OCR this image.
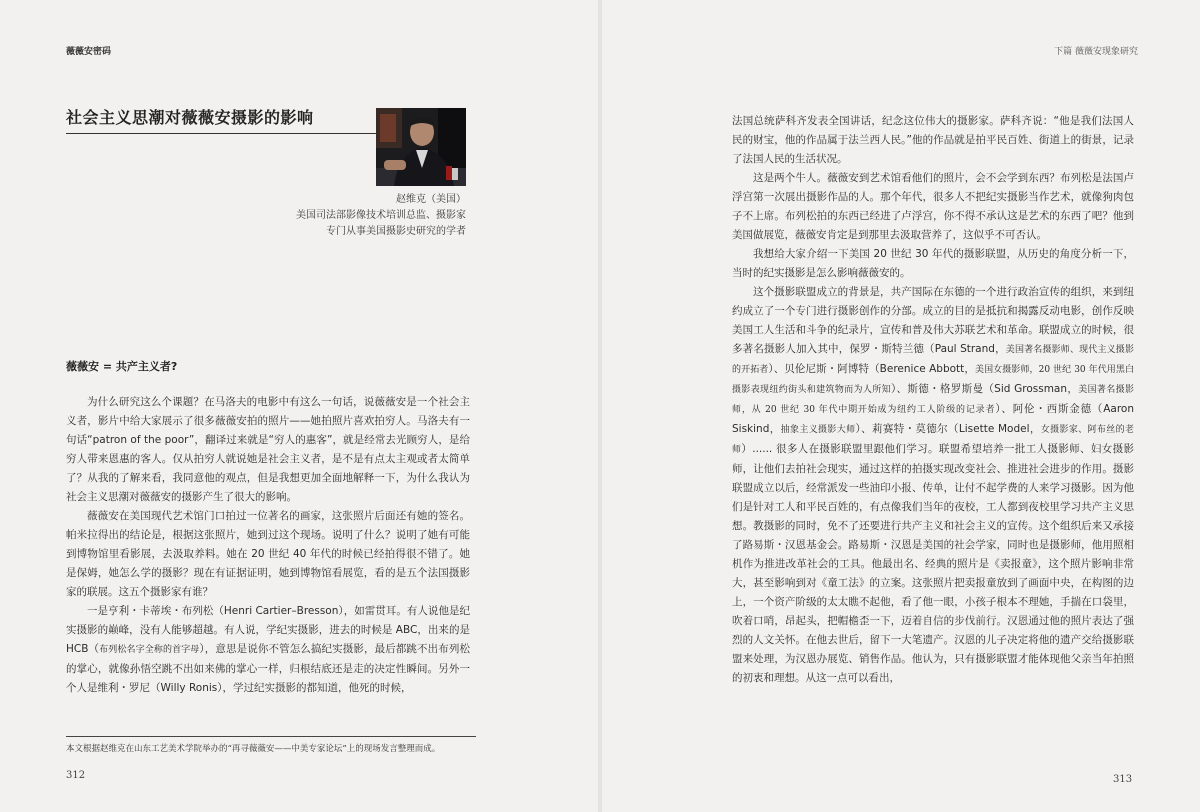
薇薇安密码
社会主义思潮对薇薇安摄影的影响
赵维克（美国）
美国司法部影像技术培训总监、摄影家
专门从事美国摄影史研究的学者
薇薇安 = 共产主义者?

为什么研究这么个课题？在马洛夫的电影中有这么一句话，说薇薇安是一个社会主义者，影片中给大家展示了很多薇薇安拍的照片——她拍照片喜欢拍穷人。马洛夫有一句话“patron of the poor”，翻译过来就是“穷人的惠客”，就是经常去光顾穷人，是给穷人带来恩惠的客人。仅从拍穷人就说她是社会主义者，是不是有点太主观或者太简单了？从我的了解来看，我同意他的观点，但是我想更加全面地解释一下，为什么我认为社会主义思潮对薇薇安的摄影产生了很大的影响。

薇薇安在美国现代艺术馆门口拍过一位著名的画家，这张照片后面还有她的签名。帕米拉得出的结论是，根据这张照片，她到过这个现场。说明了什么？说明了她有可能到博物馆里看影展，去汲取养料。她在 20 世纪 40 年代的时候已经拍得很不错了。她是保姆，她怎么学的摄影？现在有证据证明，她到博物馆看展览，看的是五个法国摄影家的联展。这五个摄影家有谁？

一是亨利・卡蒂埃・布列松（Henri Cartier–Bresson），如雷贯耳。有人说他是纪实摄影的巅峰，没有人能够超越。有人说，学纪实摄影，进去的时候是 ABC，出来的是 HCB（布列松名字全称的首字母），意思是说你不管怎么搞纪实摄影，最后都跳不出布列松的掌心，就像孙悟空跳不出如来佛的掌心一样，归根结底还是走的决定性瞬间。另外一个人是维利・罗尼（Willy Ronis），学过纪实摄影的都知道，他死的时候，

本文根据赵维克在山东工艺美术学院举办的“再寻薇薇安——中美专家论坛”上的现场发言整理而成。
312
下篇 薇薇安现象研究

法国总统萨科齐发表全国讲话，纪念这位伟大的摄影家。萨科齐说：“他是我们法国人民的财宝，他的作品属于法兰西人民。”他的作品就是拍平民百姓、街道上的街景，记录了法国人民的生活状况。

这是两个牛人。薇薇安到艺术馆看他们的照片，会不会学到东西？布列松是法国卢浮宫第一次展出摄影作品的人。那个年代，很多人不把纪实摄影当作艺术，就像狗肉包子不上席。布列松拍的东西已经进了卢浮宫，你不得不承认这是艺术的东西了吧？他到美国做展览，薇薇安肯定是到那里去汲取营养了，这似乎不可否认。

我想给大家介绍一下美国 20 世纪 30 年代的摄影联盟，从历史的角度分析一下，当时的纪实摄影是怎么影响薇薇安的。

这个摄影联盟成立的背景是，共产国际在东德的一个进行政治宣传的组织，来到纽约成立了一个专门进行摄影创作的分部。成立的目的是抵抗和揭露反动电影，创作反映美国工人生活和斗争的纪录片，宣传和普及伟大苏联艺术和革命。联盟成立的时候，很多著名摄影人加入其中，保罗・斯特兰德（Paul Strand，美国著名摄影师、现代主义摄影的开拓者）、贝伦尼斯・阿博特（Berenice Abbott，美国女摄影师，20 世纪 30 年代用黑白摄影表现纽约街头和建筑物而为人所知）、斯德・格罗斯曼（Sid Grossman，美国著名摄影师，从 20 世纪 30 年代中期开始成为纽约工人阶级的记录者）、阿伦・西斯金德（Aaron Siskind，抽象主义摄影大师）、莉赛特・莫德尔（Lisette Model，女摄影家、阿布丝的老师）...... 很多人在摄影联盟里跟他们学习。联盟希望培养一批工人摄影师、妇女摄影师，让他们去拍社会现实，通过这样的拍摄实现改变社会、推进社会进步的作用。摄影联盟成立以后，经常派发一些油印小报、传单，让付不起学费的人来学习摄影。因为他们是针对工人和平民百姓的，有点像我们当年的夜校，工人都到夜校里学习共产主义思想。教摄影的同时，免不了还要进行共产主义和社会主义的宣传。这个组织后来又承接了路易斯・汉恩基金会。路易斯・汉恩是美国的社会学家，同时也是摄影师，他用照相机作为推进改革社会的工具。他最出名、经典的照片是《卖报童》，这个照片影响非常大，甚至影响到对《童工法》的立案。这张照片把卖报童放到了画面中央，在构图的边上，一个资产阶级的太太瞧不起他，看了他一眼，小孩子根本不理她，手揣在口袋里，吹着口哨，昂起头，把帽檐歪一下，迈着自信的步伐前行。汉恩通过他的照片表达了强烈的人文关怀。在他去世后，留下一大笔遗产。汉恩的儿子决定将他的遗产交给摄影联盟来处理，为汉恩办展览、销售作品。他认为，只有摄影联盟才能体现他父亲当年拍照的初衷和理想。从这一点可以看出，

313
